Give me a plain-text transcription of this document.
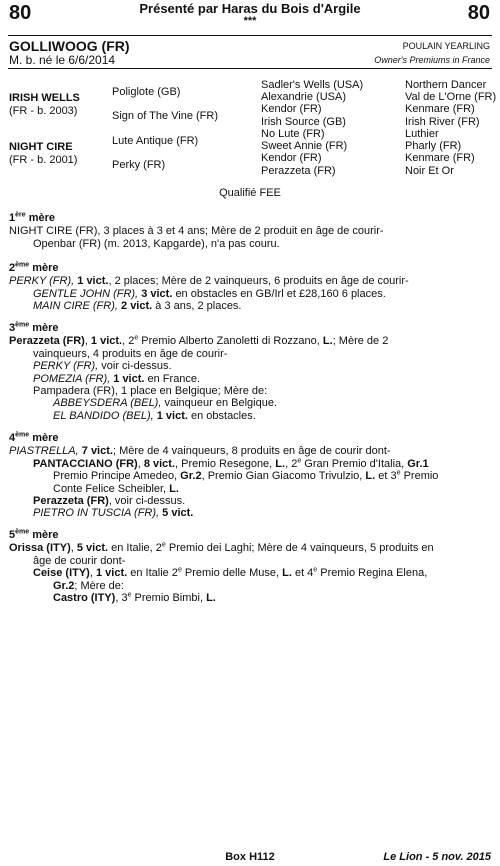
80	80
Présenté par Haras du Bois d'Argile
***
GOLLIWOOG (FR)
M. b. né le 6/6/2014
POULAIN YEARLING
Owner's Premiums in France
IRISH WELLS
(FR - b. 2003)
NIGHT CIRE
(FR - b. 2001)
Poliglote (GB)
Sign of The Vine (FR)
Lute Antique (FR)
Perky (FR)
Sadler's Wells (USA)
Alexandrie (USA)
Kendor (FR)
Irish Source (GB)
No Lute (FR)
Sweet Annie (FR)
Kendor (FR)
Perazzeta (FR)
Northern Dancer
Val de L'Orne (FR)
Kenmare (FR)
Irish River (FR)
Luthier
Pharly (FR)
Kenmare (FR)
Noir Et Or
Qualifié FEE
1ère mère
NIGHT CIRE (FR), 3 places à 3 et 4 ans; Mère de 2 produit en âge de courir-
Openbar (FR) (m. 2013, Kapgarde), n'a pas couru.
2ème mère
PERKY (FR), 1 vict., 2 places; Mère de 2 vainqueurs, 6 produits en âge de courir-
GENTLE JOHN (FR), 3 vict. en obstacles en GB/Irl et £28,160 6 places.
MAIN CIRE (FR), 2 vict. à 3 ans, 2 places.
3ème mère
Perazzeta (FR), 1 vict., 2e Premio Alberto Zanoletti di Rozzano, L.; Mère de 2
vainqueurs, 4 produits en âge de courir-
PERKY (FR), voir ci-dessus.
POMEZIA (FR), 1 vict. en France.
Pampadera (FR), 1 place en Belgique; Mère de:
ABBEYSDERA (BEL), vainqueur en Belgique.
EL BANDIDO (BEL), 1 vict. en obstacles.
4ème mère
PIASTRELLA, 7 vict.; Mère de 4 vainqueurs, 8 produits en âge de courir dont-
PANTACCIANO (FR), 8 vict., Premio Resegone, L., 2e Gran Premio d'Italia, Gr.1
Premio Principe Amedeo, Gr.2, Premio Gian Giacomo Trivulzio, L. et 3e Premio
Conte Felice Scheibler, L.
Perazzeta (FR), voir ci-dessus.
PIETRO IN TUSCIA (FR), 5 vict.
5ème mère
Orissa (ITY), 5 vict. en Italie, 2e Premio dei Laghi; Mère de 4 vainqueurs, 5 produits en
âge de courir dont-
Ceise (ITY), 1 vict. en Italie 2e Premio delle Muse, L. et 4e Premio Regina Elena,
Gr.2; Mère de:
Castro (ITY), 3e Premio Bimbi, L.
Box H112	Le Lion - 5 nov. 2015
